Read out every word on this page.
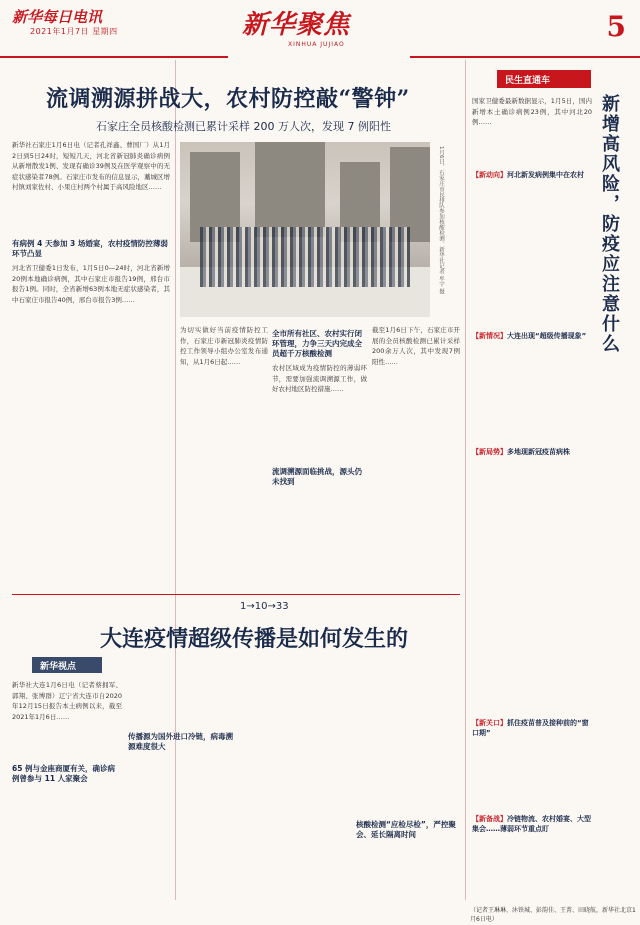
新华每日电讯
2021年1月7日 星期四	新华聚焦
XINHUA JUJIAO
5
流调溯源拼战大，农村防控敲“警钟”
石家庄全员核酸检测已累计采样 200 万人次，发现 7 例阳性
新华社石家庄1月6日电（记者孔祥鑫、曹国厂）从1月2日到5日24时，短短几天，河北省新冠肺炎确诊病例从新增散发1例、发现有确诊39例及在医学观察中的无症状感染者78例。石家庄市发布的信息显示，藁城区增村镇刘家佐村、小果庄村两个村属于高风险地区……
有病例 4 天参加 3 场婚宴，农村疫情防控薄弱环节凸显
河北省卫健委1日发布，1月5日0—24时，河北省新增20例本地确诊病例，其中石家庄市报告19例，邢台市报告1例。同时，全省新增63例本地无症状感染者，其中石家庄市报告40例，邢台市报告3例……
1月6日，石家庄市民排队参加核酸检测。新华社记者 牟宇 摄
为切实做好当前疫情防控工作，石家庄市新冠肺炎疫情防控工作领导小组办公室发布通知，从1月6日起……
全市所有社区、农村实行闭环管理，力争三天内完成全员超千万核酸检测
农村区域成为疫情防控的薄弱环节，需要加强流调溯源工作，做好农村地区防控措施……
流调溯源面临挑战，源头仍未找到
截至1月6日下午，石家庄市开展的全员核酸检测已累计采样200余万人次，其中发现7例阳性……
1→10→33
大连疫情超级传播是如何发生的
新华视点
新华社大连1月6日电（记者蔡拥军、郭翔、张博群）辽宁省大连市自2020年12月15日报告本土病例以来，截至2021年1月6日……
65 例与金座商厦有关，确诊病例曾参与 11 人家聚会
传播源为国外进口冷链，病毒溯源难度很大
核酸检测“应检尽检”，严控聚会、延长隔离时间
民生直通车
新增高风险，防疫应注意什么
国家卫健委最新数据显示，1月5日，国内新增本土确诊病例23例，其中河北20例……
【新动向】河北新发病例集中在农村
【新情况】大连出现“超级传播现象”
【新局势】多地现新冠疫苗病株
【新关口】抓住疫苗普及接种前的“窗口期”
【新备战】冷链物流、农村婚宴、大型集会……薄弱环节重点盯
（记者王琳琳、沐铁城、彭韵佳、王菁、田晓航，新华社北京1月6日电）
